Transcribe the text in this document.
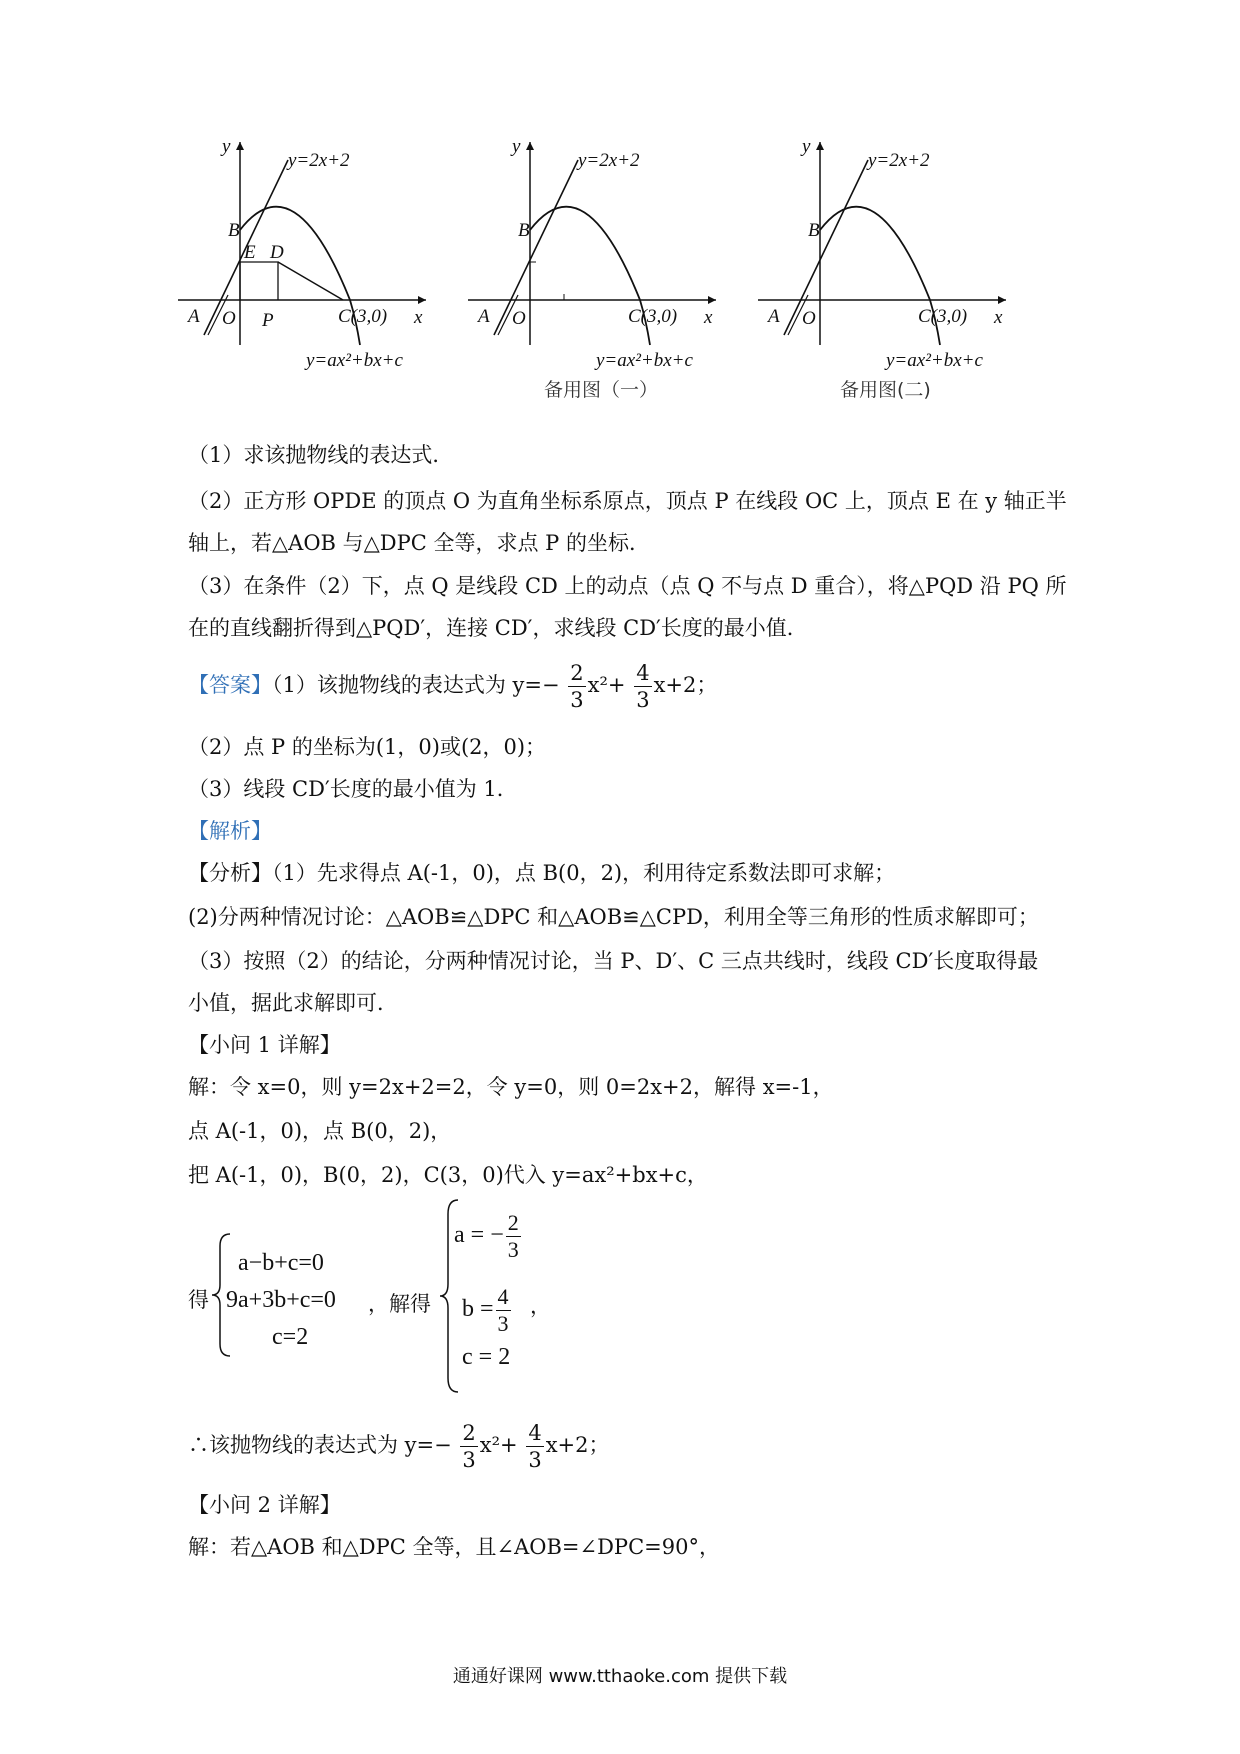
y
x
y=2x+2
B
E D
A O P	C(3,0)
y=ax²+bx+c
y
x
y=2x+2
B
A O	C(3,0)
y=ax²+bx+c
备用图（一）
y
x
y=2x+2
B
A O	C(3,0)
y=ax²+bx+c
备用图(二)
（1）求该抛物线的表达式．
（2）正方形 OPDE 的顶点 O 为直角坐标系原点，顶点 P 在线段 OC 上，顶点 E 在 y 轴正半
轴上，若△AOB 与△DPC 全等，求点 P 的坐标．
（3）在条件（2）下，点 Q 是线段 CD 上的动点（点 Q 不与点 D 重合），将△PQD 沿 PQ 所
在的直线翻折得到△PQD′，连接 CD′，求线段 CD′长度的最小值．
【答案】（1）该抛物线的表达式为 $y=- \frac{2}{3} x^2+ \frac{4}{3} x+2$；
（2）点 P 的坐标为(1，0)或(2，0)；
（3）线段 CD′长度的最小值为 1．
【解析】
【分析】（1）先求得点 A(-1，0)，点 B(0，2)，利用待定系数法即可求解；
(2)分两种情况讨论：△AOB≌△DPC 和△AOB≌△CPD，利用全等三角形的性质求解即可；
（3）按照（2）的结论，分两种情况讨论，当 P、D′、C 三点共线时，线段 CD′长度取得最
小值，据此求解即可．
【小问 1 详解】
解：令 x=0，则 y=2x+2=2，令 y=0，则 0=2x+2，解得 x=-1，
点 A(-1，0)，点 B(0，2)，
把 A(-1，0)，B(0，2)，C(3，0)代入 y=ax²+bx+c，
得
a−b+c=0
9a+3b+c=0
c=2
，解得
a = − $\frac{2}{3}$
$b = \frac{4}{3}$
c = 2
，
∴该抛物线的表达式为 $y=- \frac{2}{3} x^2+ \frac{4}{3} x+2$；
【小问 2 详解】
解：若△AOB 和△DPC 全等，且∠AOB=∠DPC=90°，
通通好课网 www.tthaoke.com 提供下载
